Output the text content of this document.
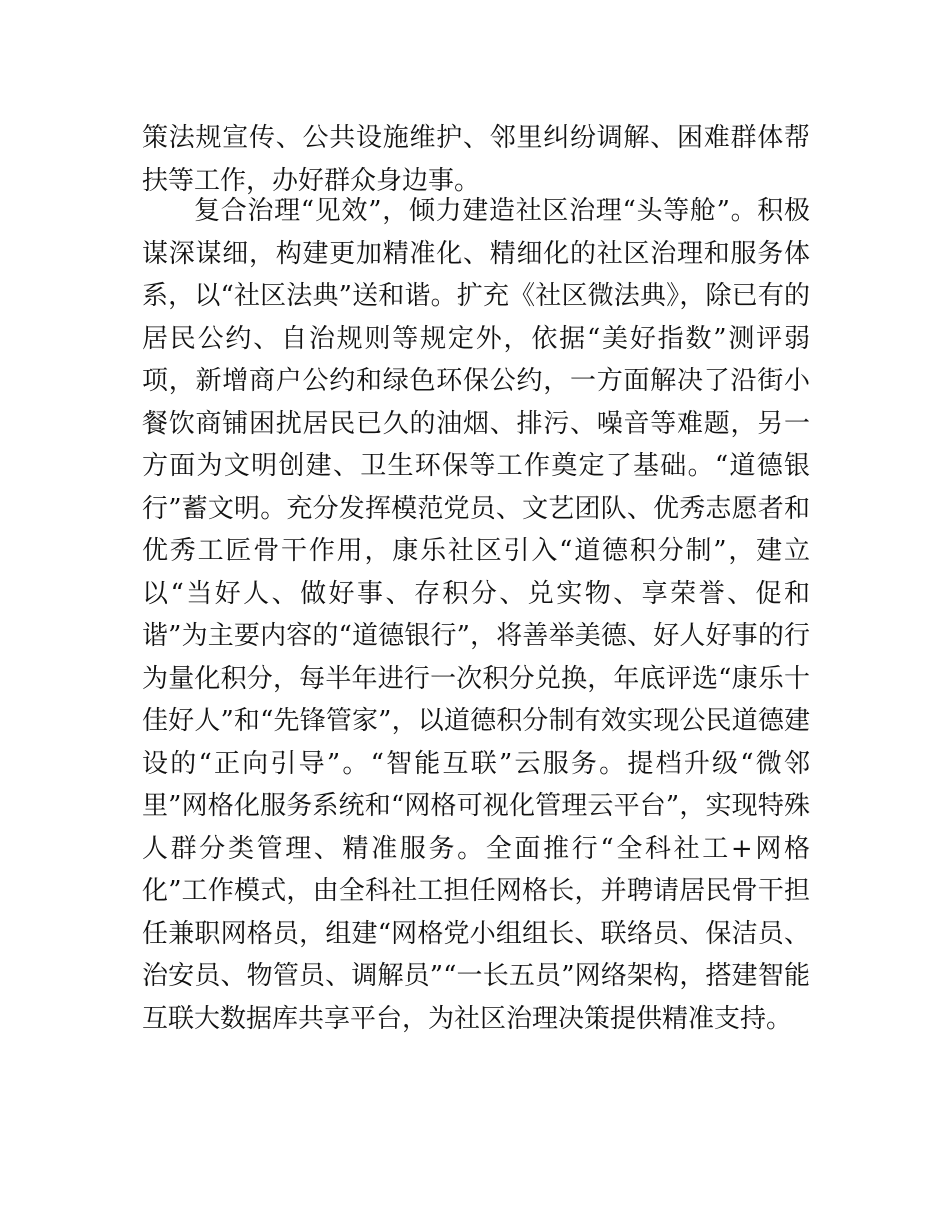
策法规宣传、公共设施维护、邻里纠纷调解、困难群体帮扶等工作，办好群众身边事。

复合治理“见效”，倾力建造社区治理“头等舱”。积极谋深谋细，构建更加精准化、精细化的社区治理和服务体系，以“社区法典”送和谐。扩充《社区微法典》，除已有的居民公约、自治规则等规定外，依据“美好指数”测评弱项，新增商户公约和绿色环保公约，一方面解决了沿街小餐饮商铺困扰居民已久的油烟、排污、噪音等难题，另一方面为文明创建、卫生环保等工作奠定了基础。“道德银行”蓄文明。充分发挥模范党员、文艺团队、优秀志愿者和优秀工匠骨干作用，康乐社区引入“道德积分制”，建立以“当好人、做好事、存积分、兑实物、享荣誉、促和谐”为主要内容的“道德银行”，将善举美德、好人好事的行为量化积分，每半年进行一次积分兑换，年底评选“康乐十佳好人”和“先锋管家”，以道德积分制有效实现公民道德建设的“正向引导”。“智能互联”云服务。提档升级“微邻里”网格化服务系统和“网格可视化管理云平台”，实现特殊人群分类管理、精准服务。全面推行“全科社工+网格化”工作模式，由全科社工担任网格长，并聘请居民骨干担任兼职网格员，组建“网格党小组组长、联络员、保洁员、治安员、物管员、调解员”“一长五员”网络架构，搭建智能互联大数据库共享平台，为社区治理决策提供精准支持。
